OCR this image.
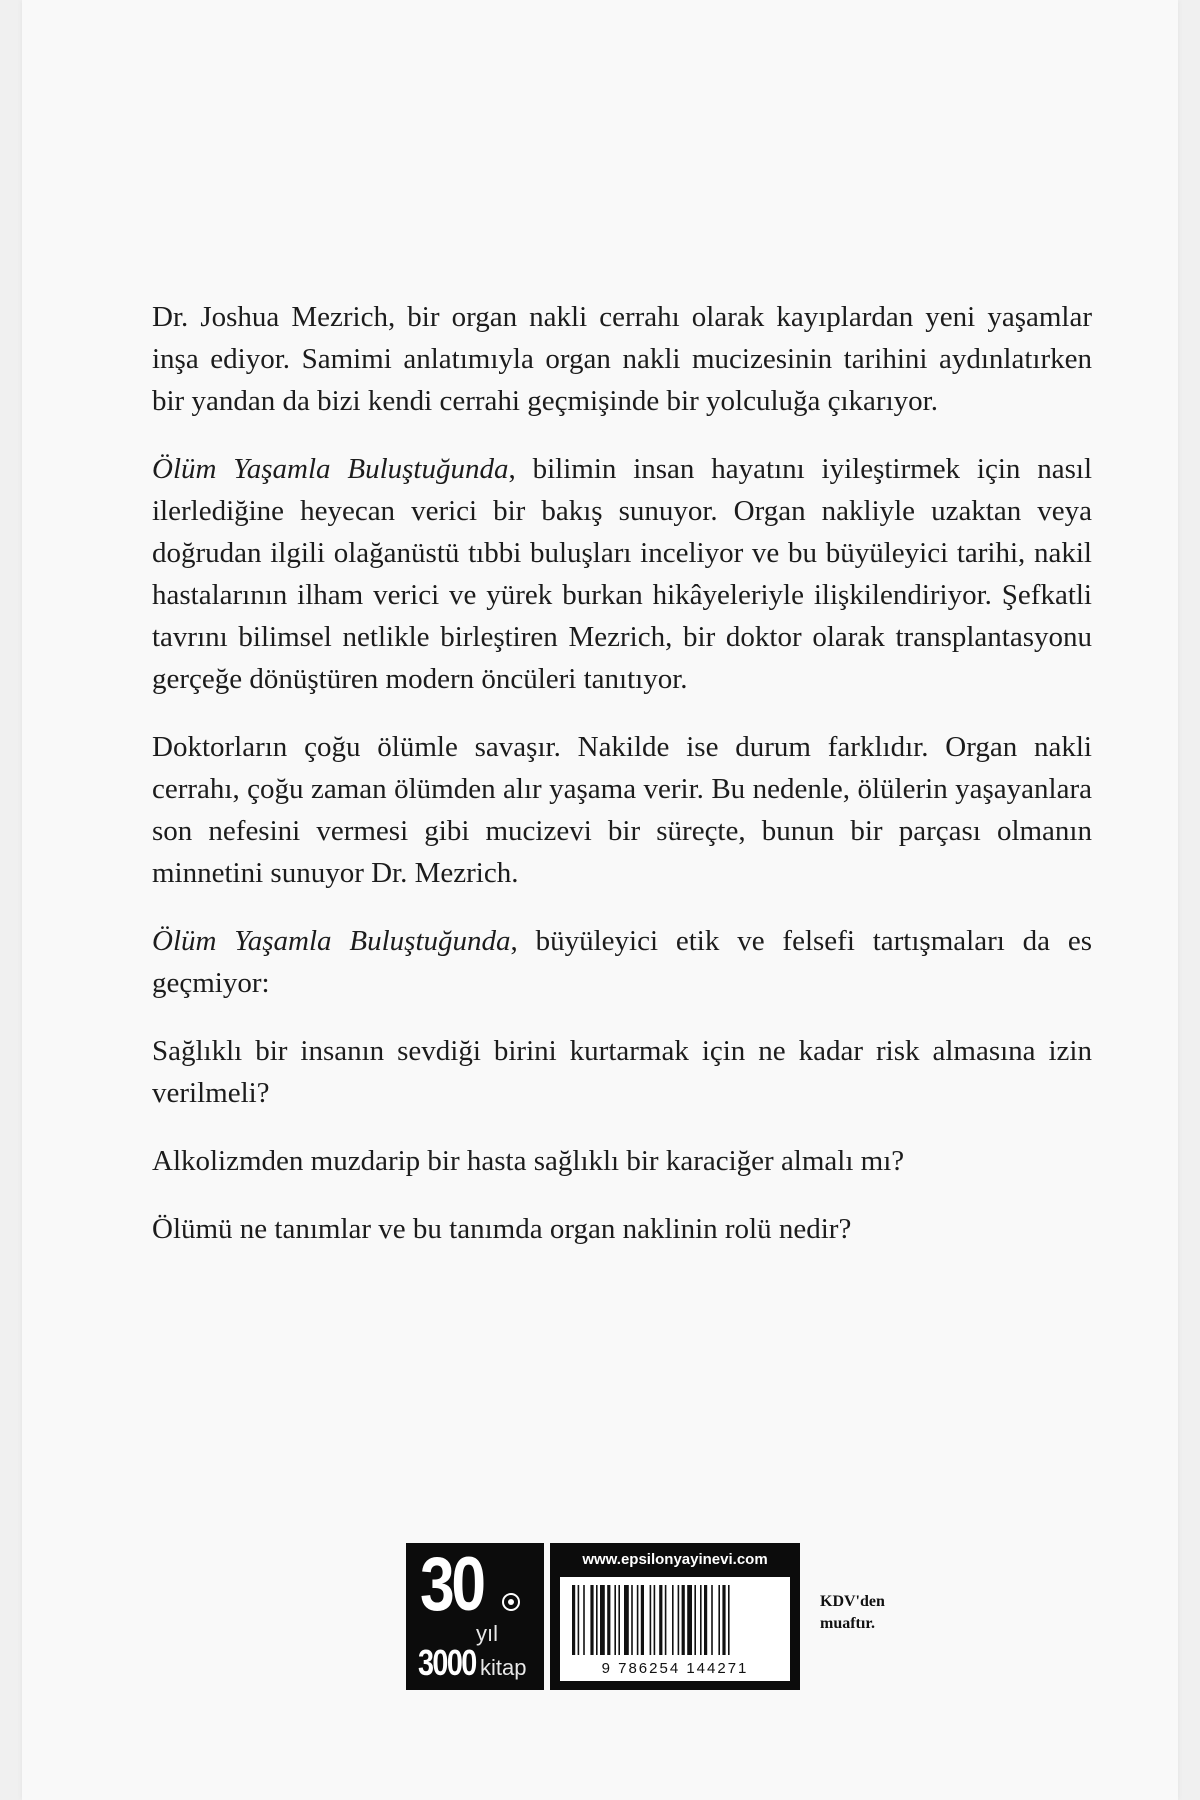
Dr. Joshua Mezrich, bir organ nakli cerrahı olarak kayıplardan yeni yaşamlar inşa ediyor. Samimi anlatımıyla organ nakli mucizesinin tarihini aydınlatırken bir yandan da bizi kendi cerrahi geçmişinde bir yolculuğa çıkarıyor.

Ölüm Yaşamla Buluştuğunda, bilimin insan hayatını iyileştirmek için nasıl ilerlediğine heyecan verici bir bakış sunuyor. Organ nakliyle uzaktan veya doğrudan ilgili olağanüstü tıbbi buluşları inceliyor ve bu büyüleyici tarihi, nakil hastalarının ilham verici ve yürek burkan hikâyeleriyle ilişkilendiriyor. Şefkatli tavrını bilimsel netlikle birleştiren Mezrich, bir doktor olarak transplantasyonu gerçeğe dönüştüren modern öncüleri tanıtıyor.

Doktorların çoğu ölümle savaşır. Nakilde ise durum farklıdır. Organ nakli cerrahı, çoğu zaman ölümden alır yaşama verir. Bu nedenle, ölülerin yaşayanlara son nefesini vermesi gibi mucizevi bir süreçte, bunun bir parçası olmanın minnetini sunuyor Dr. Mezrich.

Ölüm Yaşamla Buluştuğunda, büyüleyici etik ve felsefi tartışmaları da es geçmiyor:

Sağlıklı bir insanın sevdiği birini kurtarmak için ne kadar risk almasına izin verilmeli?

Alkolizmden muzdarip bir hasta sağlıklı bir karaciğer almalı mı?

Ölümü ne tanımlar ve bu tanımda organ naklinin rolü nedir?

30
yıl
3000 kitap
www.epsilonyayinevi.com
9 786254 144271
KDV'den
muaftır.
